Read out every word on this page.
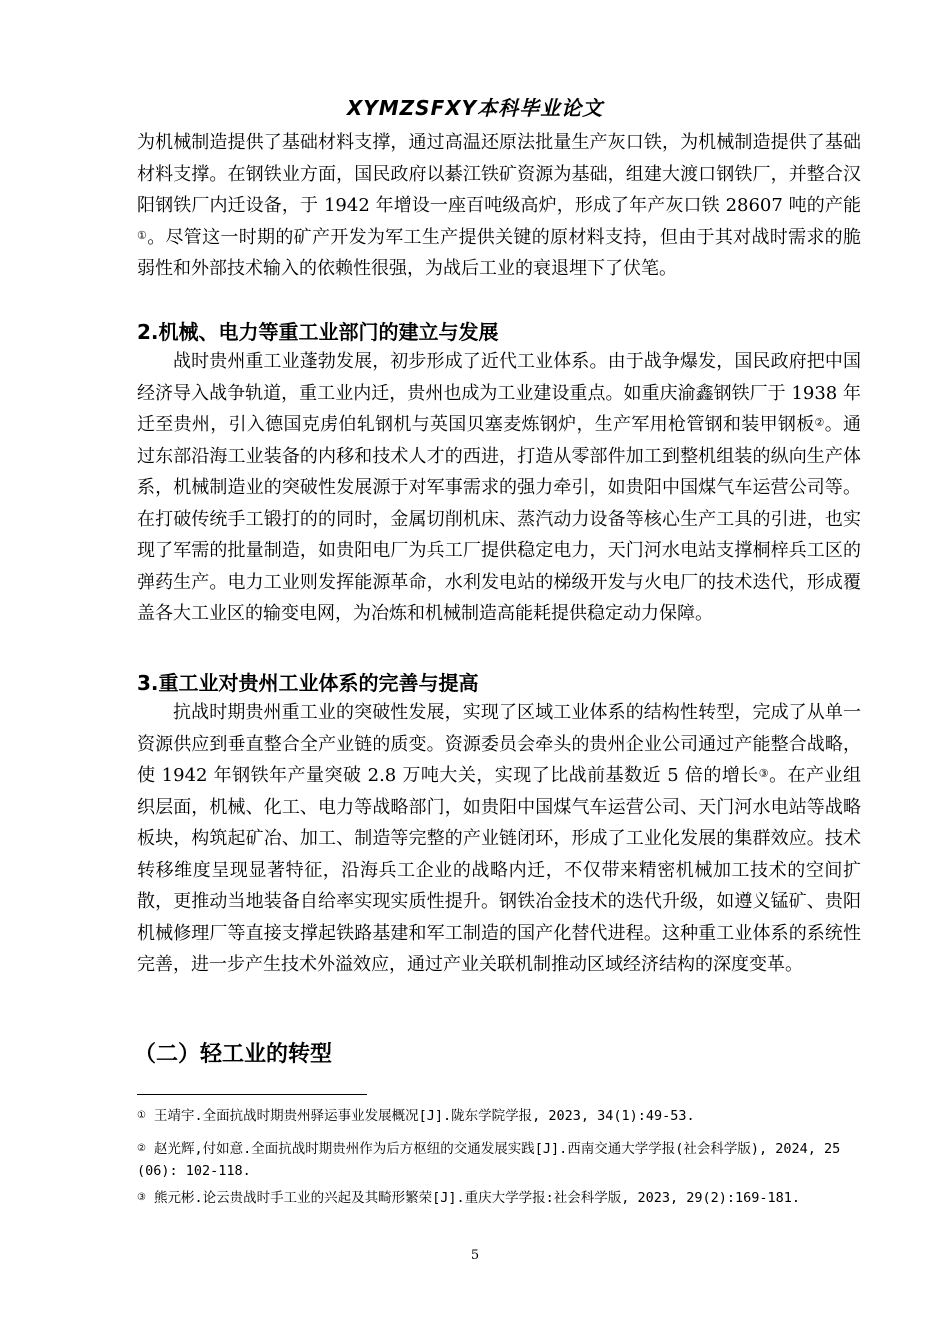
XYMZSFXY本科毕业论文

为机械制造提供了基础材料支撑，通过高温还原法批量生产灰口铁，为机械制造提供了基础材料支撑。在钢铁业方面，国民政府以綦江铁矿资源为基础，组建大渡口钢铁厂，并整合汉阳钢铁厂内迁设备，于 1942 年增设一座百吨级高炉，形成了年产灰口铁 28607 吨的产能①。尽管这一时期的矿产开发为军工生产提供关键的原材料支持，但由于其对战时需求的脆弱性和外部技术输入的依赖性很强，为战后工业的衰退埋下了伏笔。

2.机械、电力等重工业部门的建立与发展

战时贵州重工业蓬勃发展，初步形成了近代工业体系。由于战争爆发，国民政府把中国经济导入战争轨道，重工业内迁，贵州也成为工业建设重点。如重庆渝鑫钢铁厂于 1938 年迁至贵州，引入德国克虏伯轧钢机与英国贝塞麦炼钢炉，生产军用枪管钢和装甲钢板②。通过东部沿海工业装备的内移和技术人才的西进，打造从零部件加工到整机组装的纵向生产体系，机械制造业的突破性发展源于对军事需求的强力牵引，如贵阳中国煤气车运营公司等。在打破传统手工锻打的的同时，金属切削机床、蒸汽动力设备等核心生产工具的引进，也实现了军需的批量制造，如贵阳电厂为兵工厂提供稳定电力，天门河水电站支撑桐梓兵工区的弹药生产。电力工业则发挥能源革命，水利发电站的梯级开发与火电厂的技术迭代，形成覆盖各大工业区的输变电网，为冶炼和机械制造高能耗提供稳定动力保障。

3.重工业对贵州工业体系的完善与提高

抗战时期贵州重工业的突破性发展，实现了区域工业体系的结构性转型，完成了从单一资源供应到垂直整合全产业链的质变。资源委员会牵头的贵州企业公司通过产能整合战略，使 1942 年钢铁年产量突破 2.8 万吨大关，实现了比战前基数近 5 倍的增长③。在产业组织层面，机械、化工、电力等战略部门，如贵阳中国煤气车运营公司、天门河水电站等战略板块，构筑起矿冶、加工、制造等完整的产业链闭环，形成了工业化发展的集群效应。技术转移维度呈现显著特征，沿海兵工企业的战略内迁，不仅带来精密机械加工技术的空间扩散，更推动当地装备自给率实现实质性提升。钢铁冶金技术的迭代升级，如遵义锰矿、贵阳机械修理厂等直接支撑起铁路基建和军工制造的国产化替代进程。这种重工业体系的系统性完善，进一步产生技术外溢效应，通过产业关联机制推动区域经济结构的深度变革。

（二）轻工业的转型
① 王靖宇.全面抗战时期贵州驿运事业发展概况[J].陇东学院学报, 2023, 34(1):49-53.
② 赵光辉,付如意.全面抗战时期贵州作为后方枢纽的交通发展实践[J].西南交通大学学报(社会科学版), 2024, 25 (06): 102-118.
③ 熊元彬.论云贵战时手工业的兴起及其畸形繁荣[J].重庆大学学报:社会科学版, 2023, 29(2):169-181.
5
